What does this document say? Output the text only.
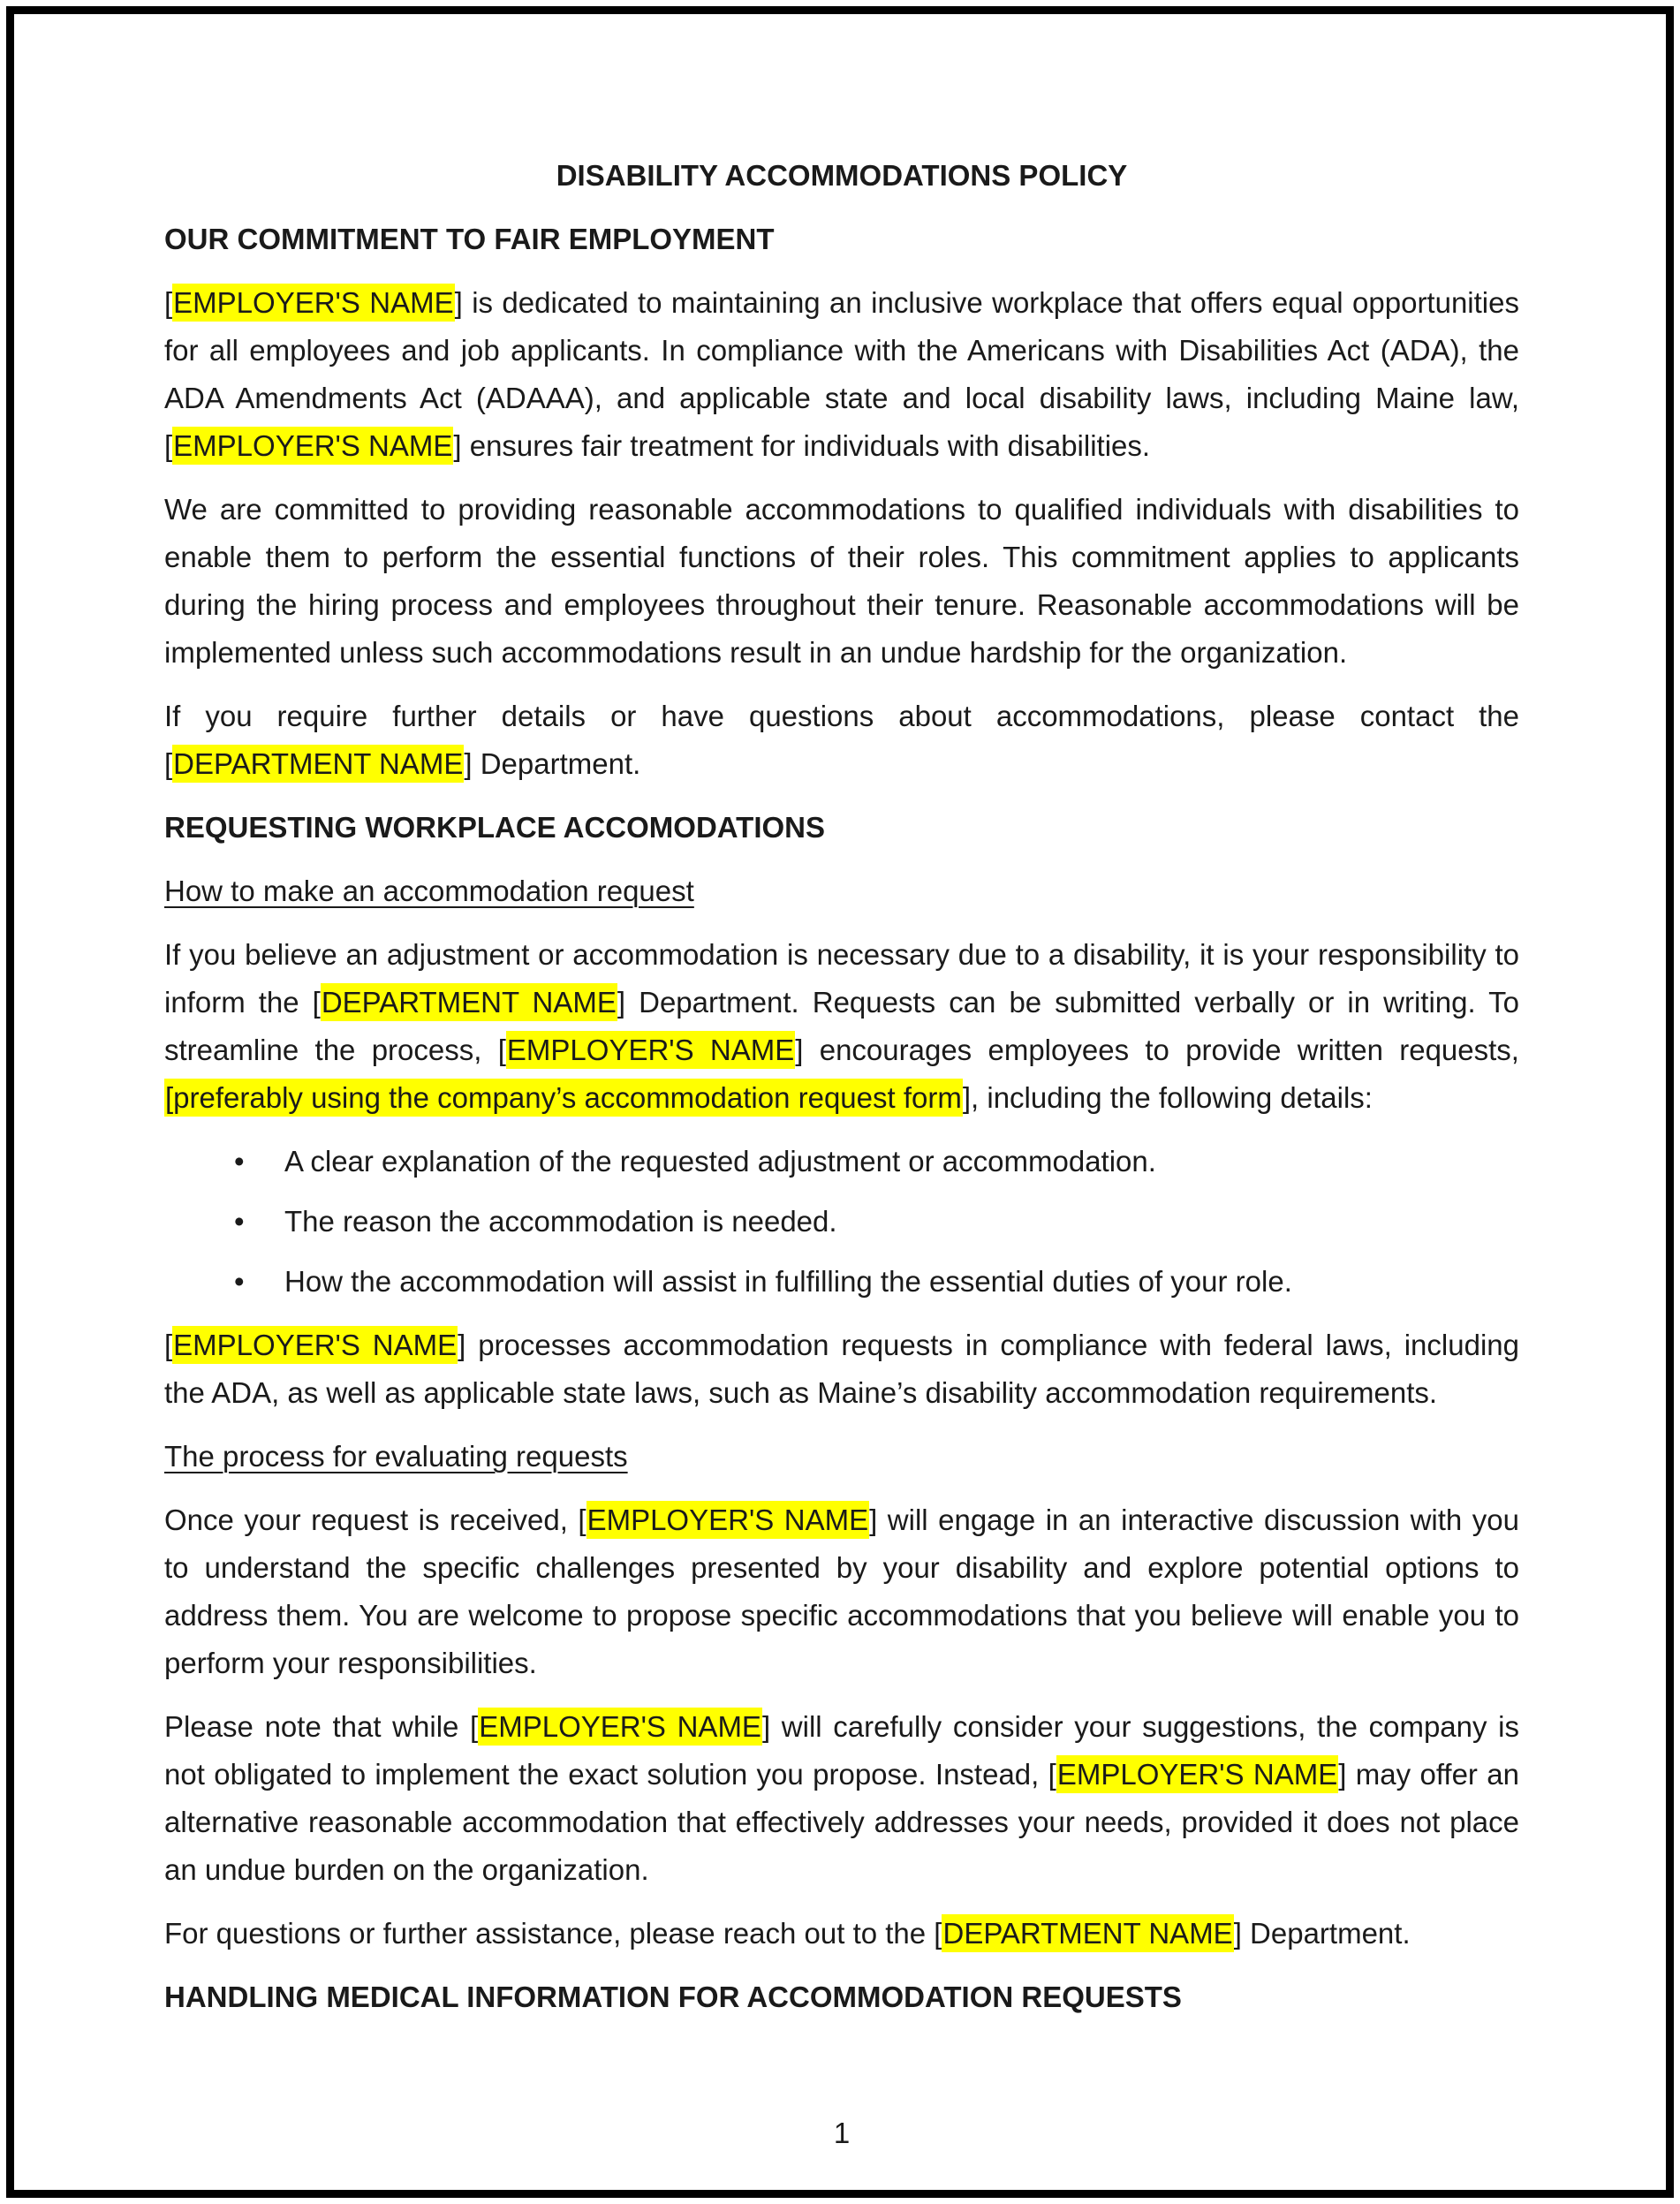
DISABILITY ACCOMMODATIONS POLICY
OUR COMMITMENT TO FAIR EMPLOYMENT

[EMPLOYER'S NAME] is dedicated to maintaining an inclusive workplace that offers equal opportunities for all employees and job applicants. In compliance with the Americans with Disabilities Act (ADA), the ADA Amendments Act (ADAAA), and applicable state and local disability laws, including Maine law, [EMPLOYER'S NAME] ensures fair treatment for individuals with disabilities.

We are committed to providing reasonable accommodations to qualified individuals with disabilities to enable them to perform the essential functions of their roles. This commitment applies to applicants during the hiring process and employees throughout their tenure. Reasonable accommodations will be implemented unless such accommodations result in an undue hardship for the organization.

If you require further details or have questions about accommodations, please contact the [DEPARTMENT NAME] Department.

REQUESTING WORKPLACE ACCOMODATIONS
How to make an accommodation request

If you believe an adjustment or accommodation is necessary due to a disability, it is your responsibility to inform the [DEPARTMENT NAME] Department. Requests can be submitted verbally or in writing. To streamline the process, [EMPLOYER'S NAME] encourages employees to provide written requests, [preferably using the company’s accommodation request form], including the following details:

• A clear explanation of the requested adjustment or accommodation.
• The reason the accommodation is needed.
• How the accommodation will assist in fulfilling the essential duties of your role.

[EMPLOYER'S NAME] processes accommodation requests in compliance with federal laws, including the ADA, as well as applicable state laws, such as Maine’s disability accommodation requirements.

The process for evaluating requests

Once your request is received, [EMPLOYER'S NAME] will engage in an interactive discussion with you to understand the specific challenges presented by your disability and explore potential options to address them. You are welcome to propose specific accommodations that you believe will enable you to perform your responsibilities.

Please note that while [EMPLOYER'S NAME] will carefully consider your suggestions, the company is not obligated to implement the exact solution you propose. Instead, [EMPLOYER'S NAME] may offer an alternative reasonable accommodation that effectively addresses your needs, provided it does not place an undue burden on the organization.

For questions or further assistance, please reach out to the [DEPARTMENT NAME] Department.

HANDLING MEDICAL INFORMATION FOR ACCOMMODATION REQUESTS
1
